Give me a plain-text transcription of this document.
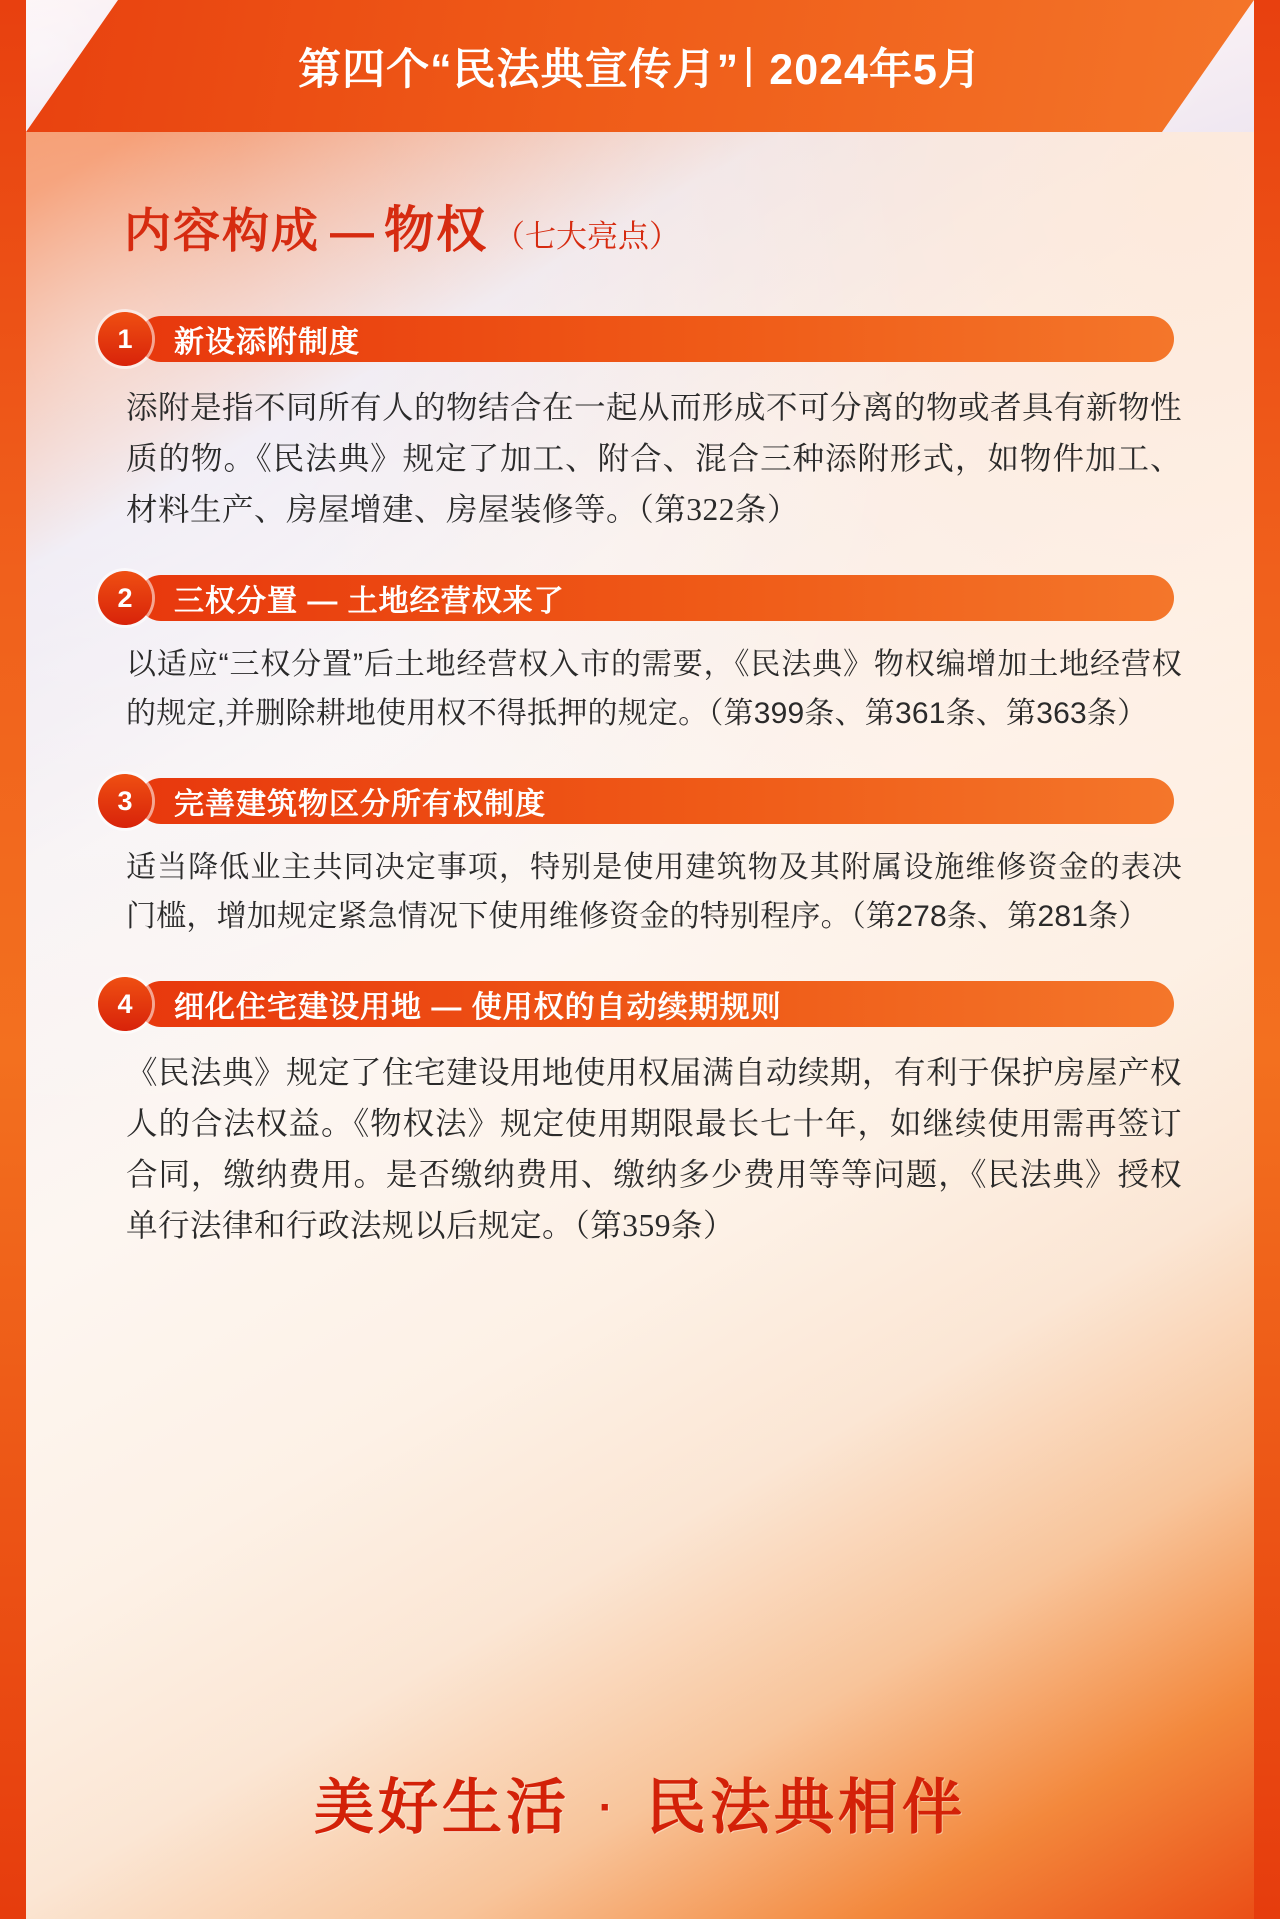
第四个“民法典宣传月” | 2024年5月
内容构成 — 物权 （七大亮点）
1	新设添附制度
添附是指不同所有人的物结合在一起从而形成不可分离的物或者具有新物性质的物。《民法典》规定了加工、附合、混合三种添附形式，如物件加工、材料生产、房屋增建、房屋装修等。（第322条）
2	三权分置 — 土地经营权来了
以适应“三权分置”后土地经营权入市的需要，《民法典》物权编增加土地经营权的规定,并删除耕地使用权不得抵押的规定。（第399条、第361条、第363条）
3	完善建筑物区分所有权制度
适当降低业主共同决定事项，特别是使用建筑物及其附属设施维修资金的表决门槛，增加规定紧急情况下使用维修资金的特别程序。（第278条、第281条）
4	细化住宅建设用地 — 使用权的自动续期规则
《民法典》规定了住宅建设用地使用权届满自动续期，有利于保护房屋产权人的合法权益。《物权法》规定使用期限最长七十年，如继续使用需再签订合同，缴纳费用。是否缴纳费用、缴纳多少费用等等问题，《民法典》授权单行法律和行政法规以后规定。（第359条）
美好生活 · 民法典相伴
